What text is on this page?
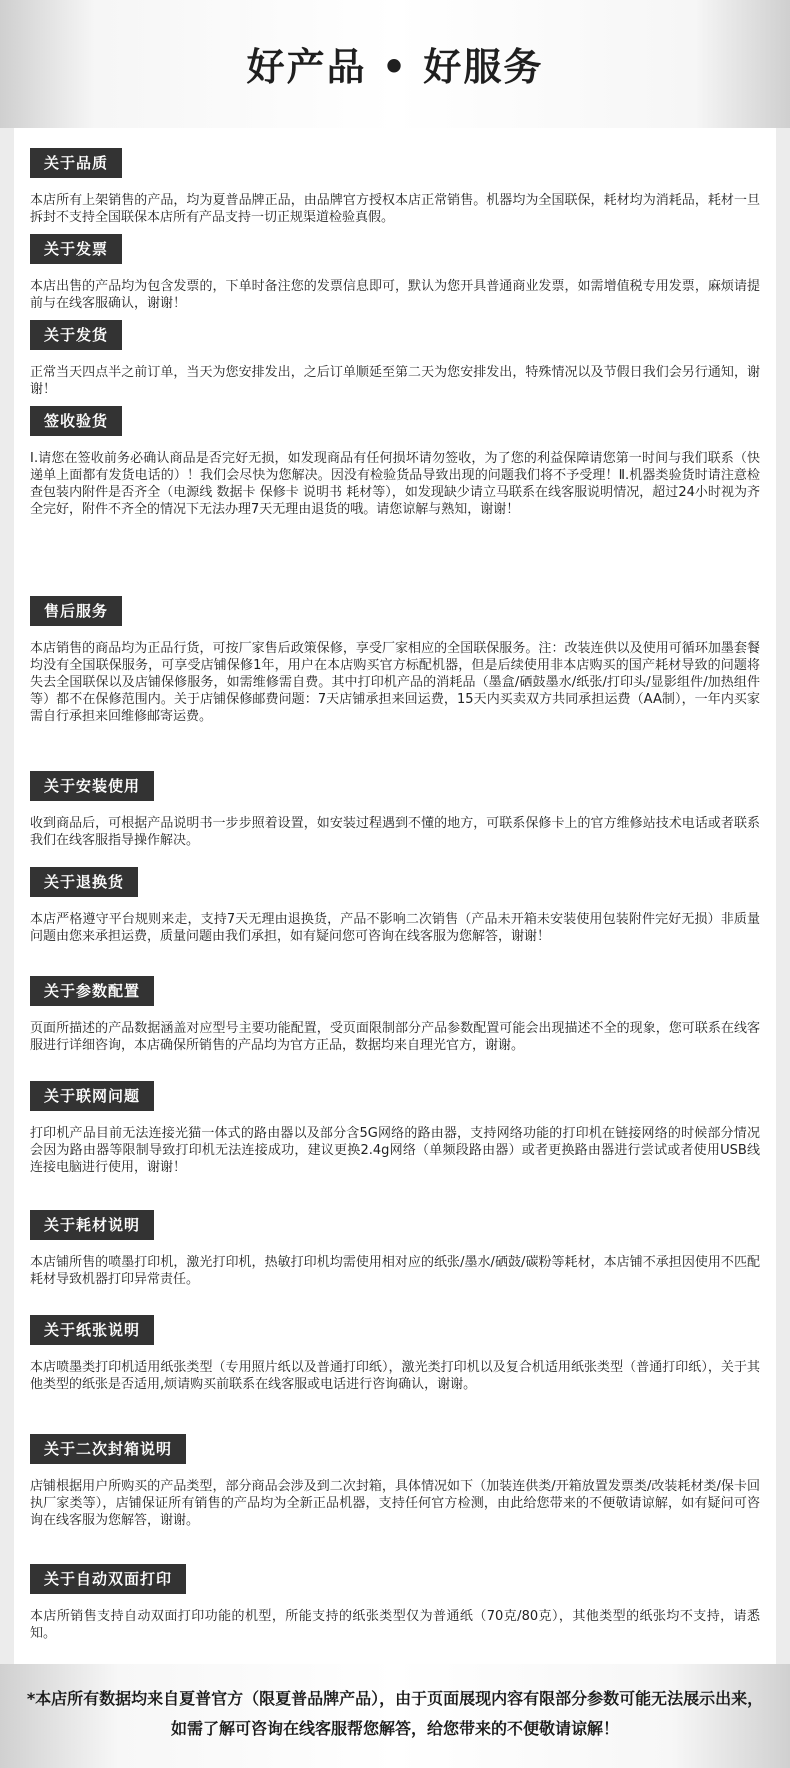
好产品 • 好服务
关于品质

本店所有上架销售的产品，均为夏普品牌正品，由品牌官方授权本店正常销售。机器均为全国联保，耗材均为消耗品，耗材一旦拆封不支持全国联保本店所有产品支持一切正规渠道检验真假。

关于发票

本店出售的产品均为包含发票的，下单时备注您的发票信息即可，默认为您开具普通商业发票，如需增值税专用发票，麻烦请提前与在线客服确认，谢谢！

关于发货

正常当天四点半之前订单，当天为您安排发出，之后订单顺延至第二天为您安排发出，特殊情况以及节假日我们会另行通知，谢谢！

签收验货

Ⅰ.请您在签收前务必确认商品是否完好无损，如发现商品有任何损坏请勿签收，为了您的利益保障请您第一时间与我们联系（快递单上面都有发货电话的）！我们会尽快为您解决。因没有检验货品导致出现的问题我们将不予受理！Ⅱ.机器类验货时请注意检查包装内附件是否齐全（电源线 数据卡 保修卡 说明书 耗材等），如发现缺少请立马联系在线客服说明情况，超过24小时视为齐全完好，附件不齐全的情况下无法办理7天无理由退货的哦。请您谅解与熟知，谢谢！

售后服务

本店销售的商品均为正品行货，可按厂家售后政策保修，享受厂家相应的全国联保服务。注：改装连供以及使用可循环加墨套餐均没有全国联保服务，可享受店铺保修1年，用户在本店购买官方标配机器，但是后续使用非本店购买的国产耗材导致的问题将失去全国联保以及店铺保修服务，如需维修需自费。其中打印机产品的消耗品（墨盒/硒鼓墨水/纸张/打印头/显影组件/加热组件等）都不在保修范围内。关于店铺保修邮费问题：7天店铺承担来回运费，15天内买卖双方共同承担运费（AA制），一年内买家需自行承担来回维修邮寄运费。

关于安装使用

收到商品后，可根据产品说明书一步步照着设置，如安装过程遇到不懂的地方，可联系保修卡上的官方维修站技术电话或者联系我们在线客服指导操作解决。

关于退换货

本店严格遵守平台规则来走，支持7天无理由退换货，产品不影响二次销售（产品未开箱未安装使用包装附件完好无损）非质量问题由您来承担运费，质量问题由我们承担，如有疑问您可咨询在线客服为您解答，谢谢！

关于参数配置

页面所描述的产品数据涵盖对应型号主要功能配置，受页面限制部分产品参数配置可能会出现描述不全的现象，您可联系在线客服进行详细咨询，本店确保所销售的产品均为官方正品，数据均来自理光官方，谢谢。

关于联网问题

打印机产品目前无法连接光猫一体式的路由器以及部分含5G网络的路由器，支持网络功能的打印机在链接网络的时候部分情况会因为路由器等限制导致打印机无法连接成功，建议更换2.4g网络（单频段路由器）或者更换路由器进行尝试或者使用USB线连接电脑进行使用，谢谢！

关于耗材说明

本店铺所售的喷墨打印机，激光打印机，热敏打印机均需使用相对应的纸张/墨水/硒鼓/碳粉等耗材，本店铺不承担因使用不匹配耗材导致机器打印异常责任。

关于纸张说明

本店喷墨类打印机适用纸张类型（专用照片纸以及普通打印纸），激光类打印机以及复合机适用纸张类型（普通打印纸），关于其他类型的纸张是否适用,烦请购买前联系在线客服或电话进行咨询确认，谢谢。

关于二次封箱说明

店铺根据用户所购买的产品类型，部分商品会涉及到二次封箱，具体情况如下（加装连供类/开箱放置发票类/改装耗材类/保卡回执厂家类等），店铺保证所有销售的产品均为全新正品机器，支持任何官方检测，由此给您带来的不便敬请谅解，如有疑问可咨询在线客服为您解答，谢谢。

关于自动双面打印

本店所销售支持自动双面打印功能的机型，所能支持的纸张类型仅为普通纸（70克/80克），其他类型的纸张均不支持，请悉知。

*本店所有数据均来自夏普官方（限夏普品牌产品），由于页面展现内容有限部分参数可能无法展示出来，如需了解可咨询在线客服帮您解答，给您带来的不便敬请谅解！
